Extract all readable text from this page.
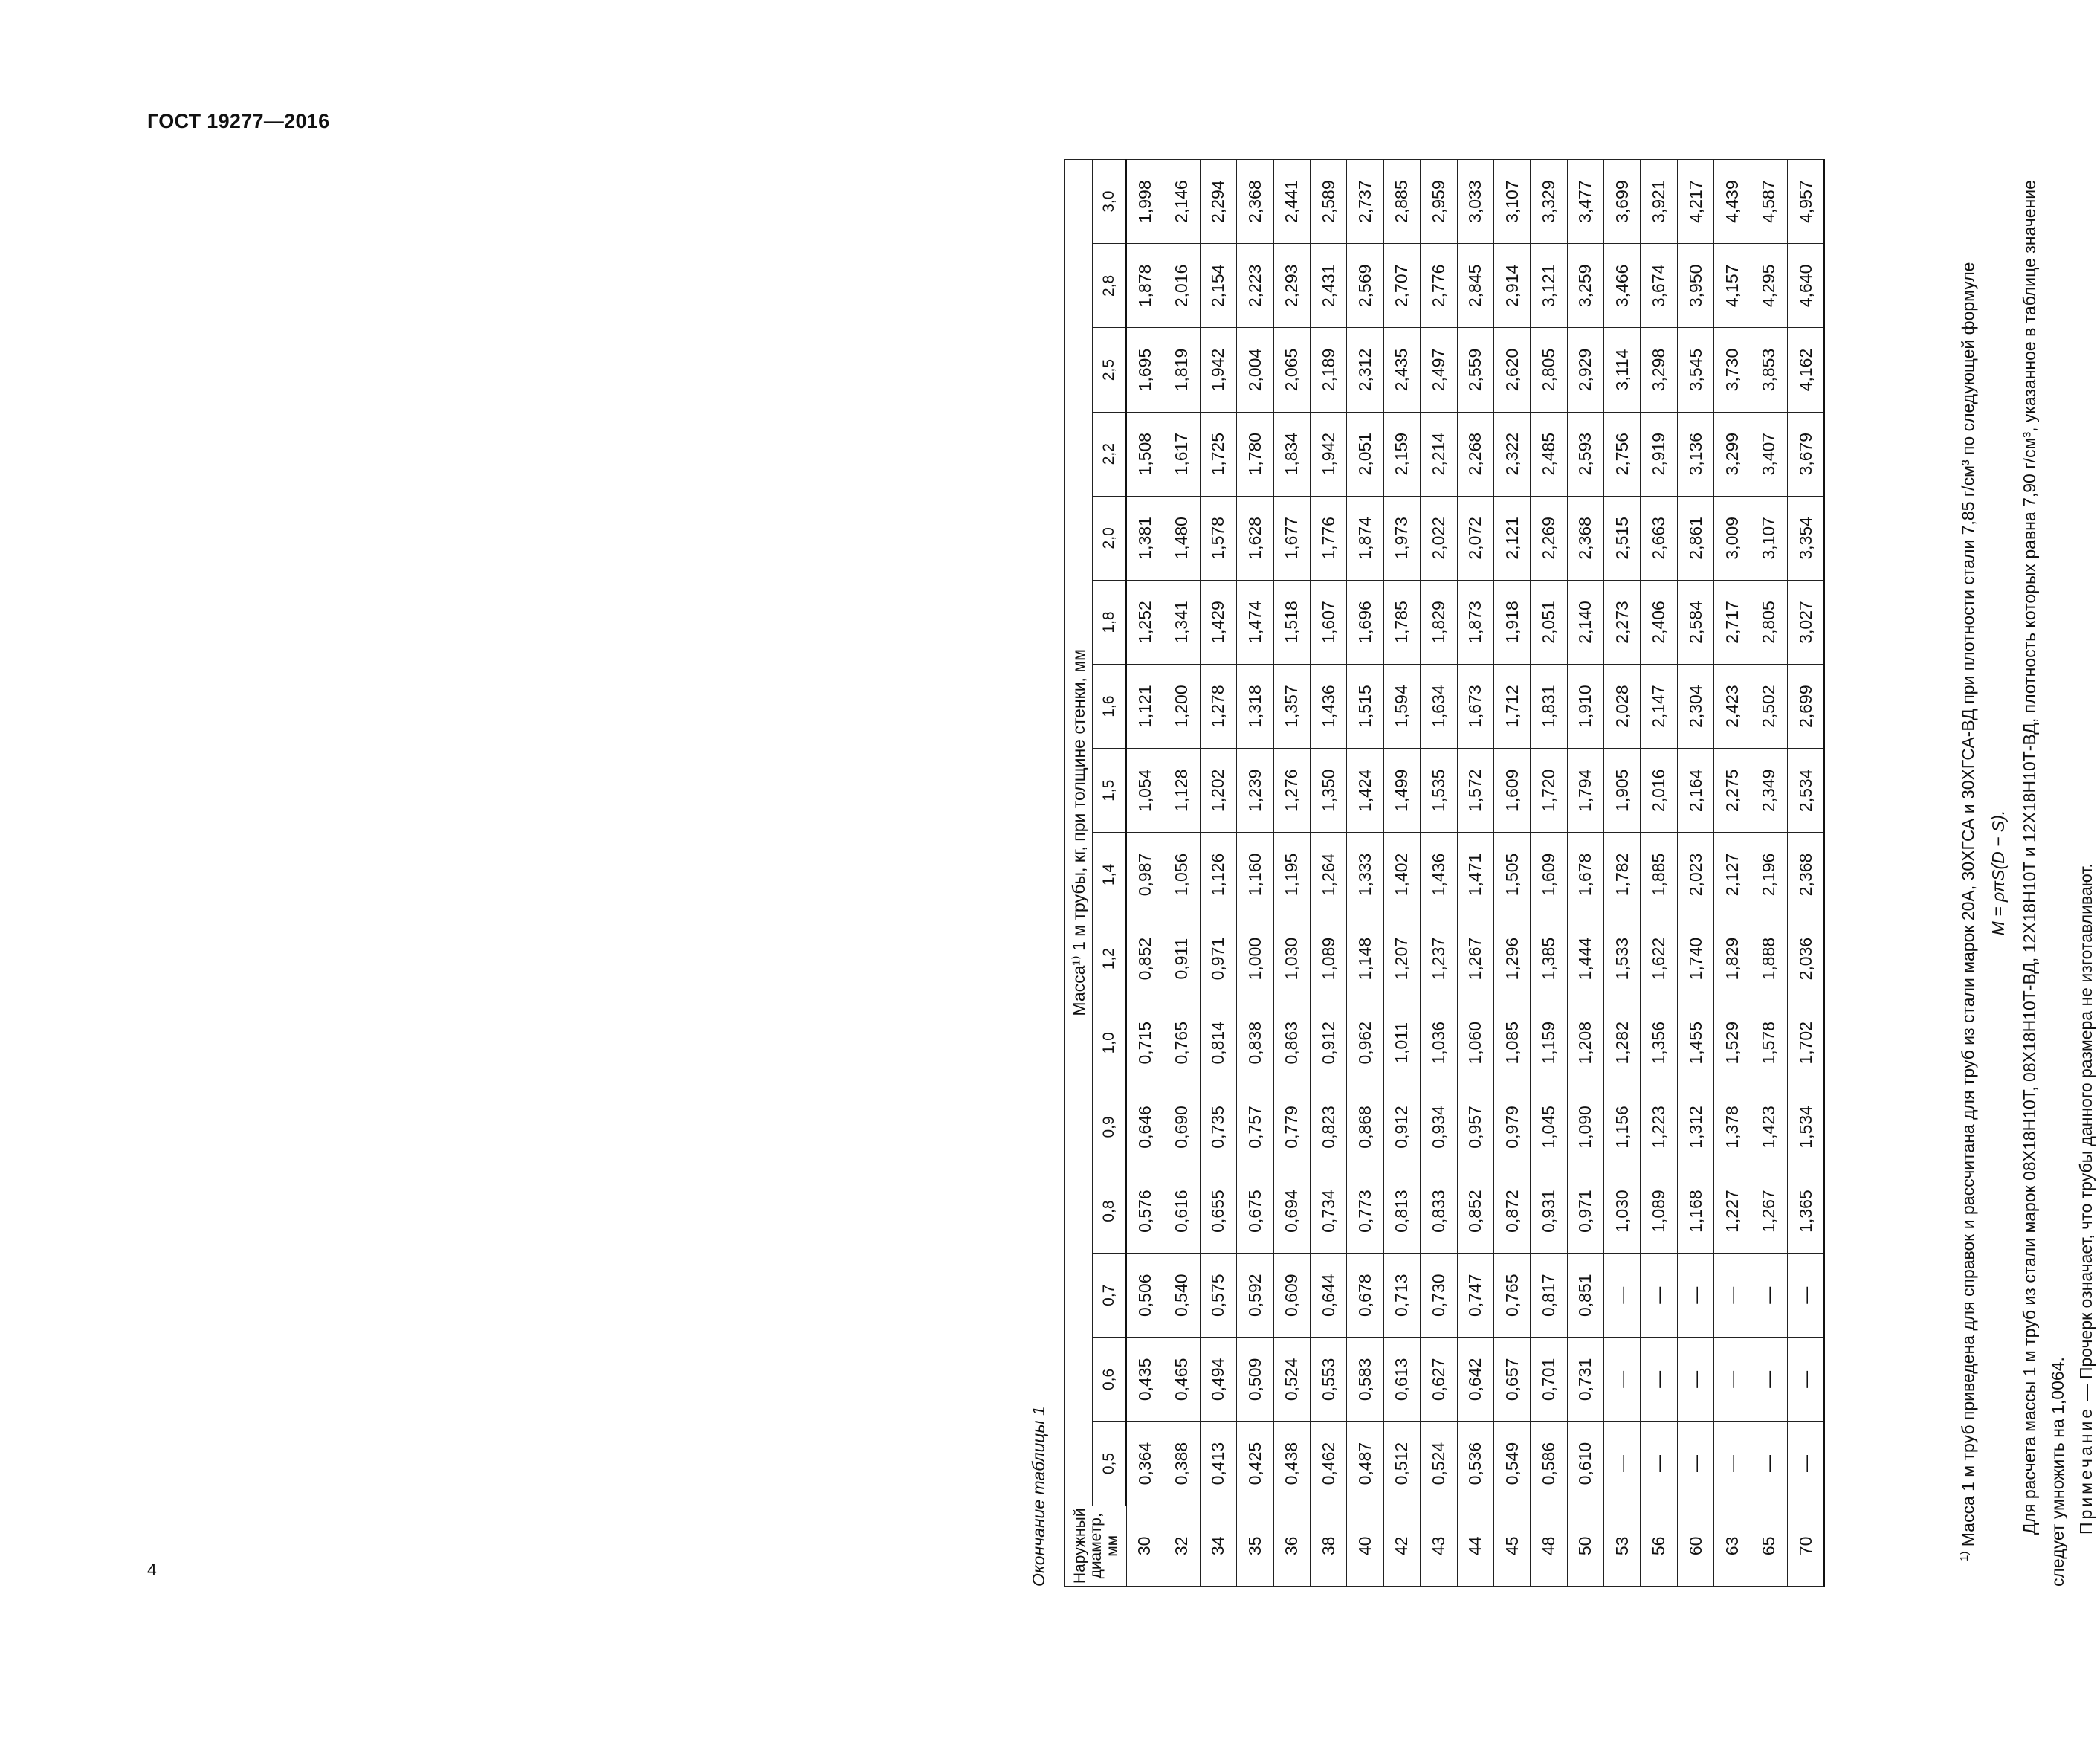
ГОСТ 19277—2016
Окончание таблицы 1 Наружный диаметр, мм	Масса¹⁾ 1 м трубы, кг, при толщине стенки, мм															
	0,5	0,6	0,7	0,8	0,9	1,0	1,2	1,4	1,5	1,6	1,8	2,0	2,2	2,5	2,8	3,0
30	0,364	0,435	0,506	0,576	0,646	0,715	0,852	0,987	1,054	1,121	1,252	1,381	1,508	1,695	1,878	1,998
32	0,388	0,465	0,540	0,616	0,690	0,765	0,911	1,056	1,128	1,200	1,341	1,480	1,617	1,819	2,016	2,146
34	0,413	0,494	0,575	0,655	0,735	0,814	0,971	1,126	1,202	1,278	1,429	1,578	1,725	1,942	2,154	2,294
35	0,425	0,509	0,592	0,675	0,757	0,838	1,000	1,160	1,239	1,318	1,474	1,628	1,780	2,004	2,223	2,368
36	0,438	0,524	0,609	0,694	0,779	0,863	1,030	1,195	1,276	1,357	1,518	1,677	1,834	2,065	2,293	2,441
38	0,462	0,553	0,644	0,734	0,823	0,912	1,089	1,264	1,350	1,436	1,607	1,776	1,942	2,189	2,431	2,589
40	0,487	0,583	0,678	0,773	0,868	0,962	1,148	1,333	1,424	1,515	1,696	1,874	2,051	2,312	2,569	2,737
42	0,512	0,613	0,713	0,813	0,912	1,011	1,207	1,402	1,499	1,594	1,785	1,973	2,159	2,435	2,707	2,885
43	0,524	0,627	0,730	0,833	0,934	1,036	1,237	1,436	1,535	1,634	1,829	2,022	2,214	2,497	2,776	2,959
44	0,536	0,642	0,747	0,852	0,957	1,060	1,267	1,471	1,572	1,673	1,873	2,072	2,268	2,559	2,845	3,033
45	0,549	0,657	0,765	0,872	0,979	1,085	1,296	1,505	1,609	1,712	1,918	2,121	2,322	2,620	2,914	3,107
48	0,586	0,701	0,817	0,931	1,045	1,159	1,385	1,609	1,720	1,831	2,051	2,269	2,485	2,805	3,121	3,329
50	0,610	0,731	0,851	0,971	1,090	1,208	1,444	1,678	1,794	1,910	2,140	2,368	2,593	2,929	3,259	3,477
53	—	—	—	1,030	1,156	1,282	1,533	1,782	1,905	2,028	2,273	2,515	2,756	3,114	3,466	3,699
56	—	—	—	1,089	1,223	1,356	1,622	1,885	2,016	2,147	2,406	2,663	2,919	3,298	3,674	3,921
60	—	—	—	1,168	1,312	1,455	1,740	2,023	2,164	2,304	2,584	2,861	3,136	3,545	3,950	4,217
63	—	—	—	1,227	1,378	1,529	1,829	2,127	2,275	2,423	2,717	3,009	3,299	3,730	4,157	4,439
65	—	—	—	1,267	1,423	1,578	1,888	2,196	2,349	2,502	2,805	3,107	3,407	3,853	4,295	4,587
70	—	—	—	1,365	1,534	1,702	2,036	2,368	2,534	2,699	3,027	3,354	3,679	4,162	4,640	4,957

$^{1)}$ Масса 1 м труб приведена для справок и рассчитана для труб из стали марок 20А, 30ХГСА и 30ХГСА-ВД при плотности стали 7,85 г/см³ по следующей формуле M = ρπS(D − S). Для расчета массы 1 м труб из стали марок 08Х18Н10Т, 08Х18Н10Т-ВД, 12Х18Н10Т и 12Х18Н10Т-ВД, плотность которых равна 7,90 г/см³, указанное в таблице значение следует умножить на 1,0064. Примечание — Прочерк означает, что трубы данного размера не изготавливают.

4
